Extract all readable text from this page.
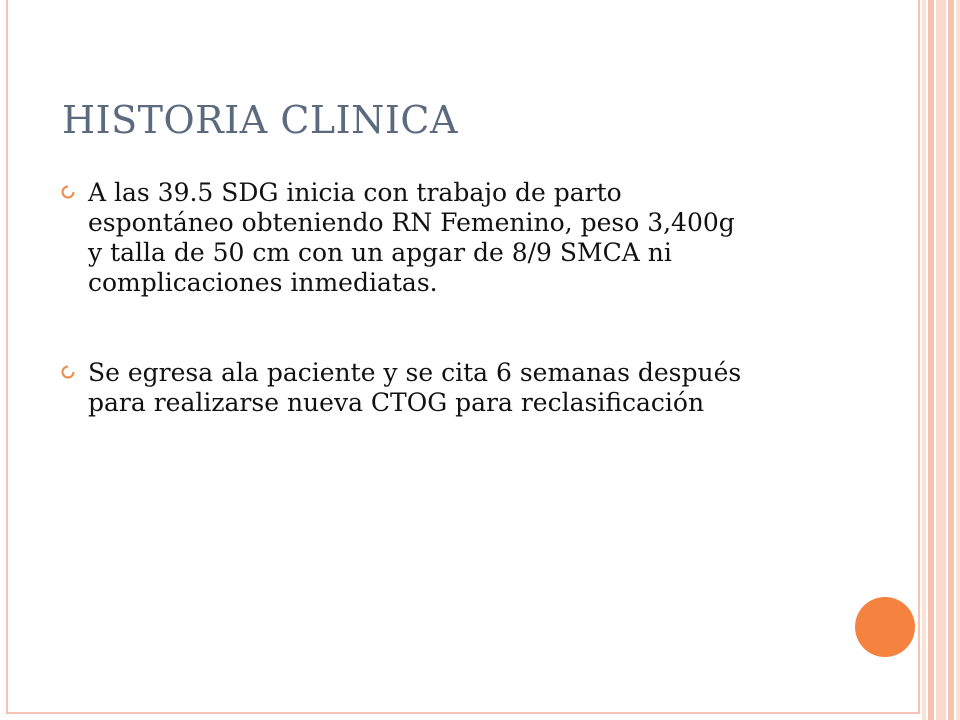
HISTORIA CLINICA
A las 39.5 SDG inicia con trabajo de parto espontáneo obteniendo RN Femenino, peso 3,400g y talla de 50 cm con un apgar de 8/9 SMCA ni complicaciones inmediatas.
Se egresa ala paciente y se cita 6 semanas después para realizarse nueva CTOG para reclasificación
